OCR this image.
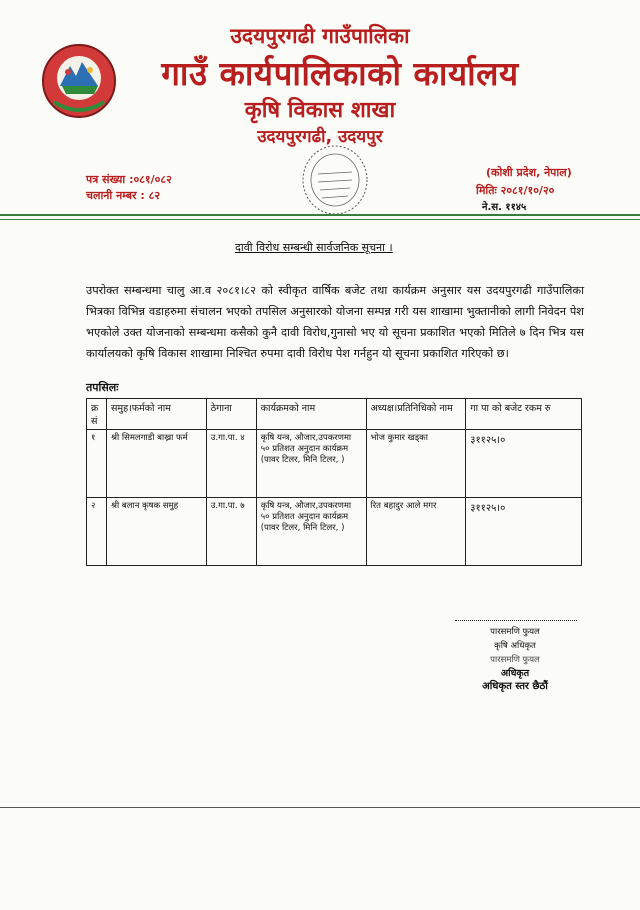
उदयपुरगढी गाउँपालिका
गाउँ कार्यपालिकाको कार्यालय
कृषि विकास शाखा
उदयपुरगढी, उदयपुर
पत्र संख्या :०८१/०८२
चलानी नम्बर : ८२
(कोशी प्रदेश, नेपाल)
मितिः २०८१/१०/२०
ने.स. ११४५
दावी विरोध सम्बन्धी सार्वजनिक सूचना ।
उपरोक्त सम्बन्धमा चालु आ.व २०८१।८२ को स्वीकृत वार्षिक बजेट तथा कार्यक्रम अनुसार यस उदयपुरगढी गाउँपालिका भित्रका विभिन्न वडाहरुमा संचालन भएको तपसिल अनुसारको योजना सम्पन्न गरी यस शाखामा भुक्तानीको लागी निवेदन पेश भएकोले उक्त योजनाको सम्बन्धमा कसैको कुनै दावी विरोध,गुनासो भए यो सूचना प्रकाशित भएको मितिले ७ दिन भित्र यस कार्यालयको कृषि विकास शाखामा निश्चित रुपमा दावी विरोध पेश गर्नहुन यो सूचना प्रकाशित गरिएको छ।
तपसिलः
क्र सं	समुह।फर्मको नाम	ठेगाना	कार्यक्रमको नाम	अध्यक्ष।प्रतिनिधिको नाम	गा पा को बजेट रकम रु
१	श्री सिमलगाडी बाख्रा फर्म	उ.गा.पा. ४	कृषि यन्त्र, औजार,उपकरणमा ५० प्रतिशत अनुदान कार्यक्रम (पावर टिलर, मिनि टिलर, )	भोज कुमार खड्का	३११२५।०
२	श्री बलान कृषक समुह	उ.गा.पा. ७	कृषि यन्त्र, औजार,उपकरणमा ५० प्रतिशत अनुदान कार्यक्रम (पावर टिलर, मिनि टिलर, )	रित बहादुर आले मगर	३११२५।०
पारसमणि फुयल
कृषि अधिकृत
पारसमणि फुयल
अधिकृत
अधिकृत स्तर छैठौं
